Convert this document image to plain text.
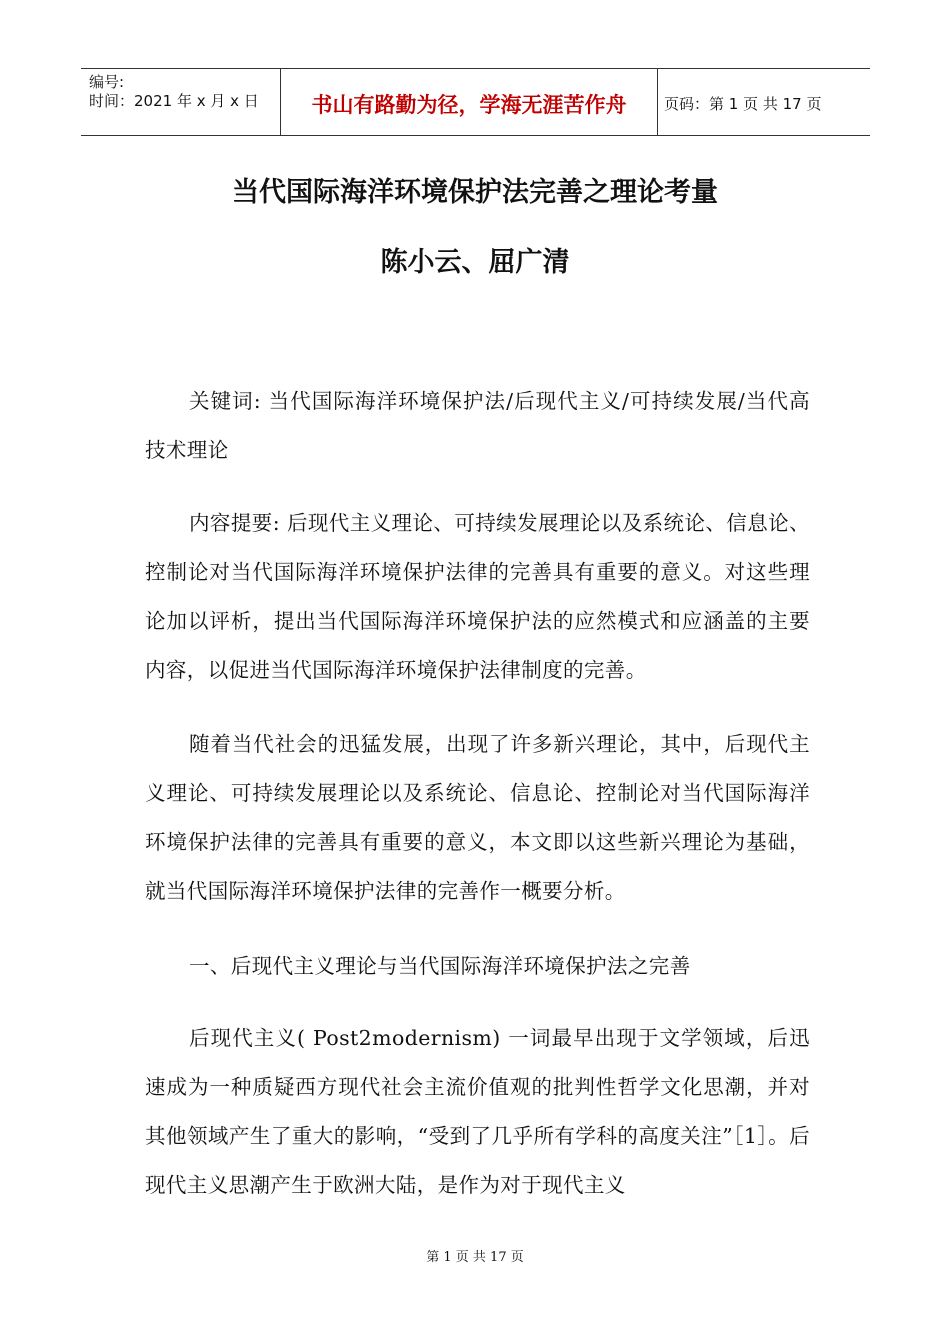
编号:
时间：2021 年 x 月 x 日	书山有路勤为径，学海无涯苦作舟	页码：第 1 页 共 17 页
当代国际海洋环境保护法完善之理论考量
陈小云、屈广清
关键词: 当代国际海洋环境保护法/后现代主义/可持续发展/当代高技术理论
内容提要: 后现代主义理论、可持续发展理论以及系统论、信息论、控制论对当代国际海洋环境保护法律的完善具有重要的意义。对这些理论加以评析，提出当代国际海洋环境保护法的应然模式和应涵盖的主要内容，以促进当代国际海洋环境保护法律制度的完善。
随着当代社会的迅猛发展，出现了许多新兴理论，其中，后现代主义理论、可持续发展理论以及系统论、信息论、控制论对当代国际海洋环境保护法律的完善具有重要的意义，本文即以这些新兴理论为基础，就当代国际海洋环境保护法律的完善作一概要分析。
一、后现代主义理论与当代国际海洋环境保护法之完善
后现代主义( Post2modernism) 一词最早出现于文学领域，后迅速成为一种质疑西方现代社会主流价值观的批判性哲学文化思潮，并对其他领域产生了重大的影响，“受到了几乎所有学科的高度关注”［1］。后现代主义思潮产生于欧洲大陆，是作为对于现代主义
第 1 页 共 17 页
